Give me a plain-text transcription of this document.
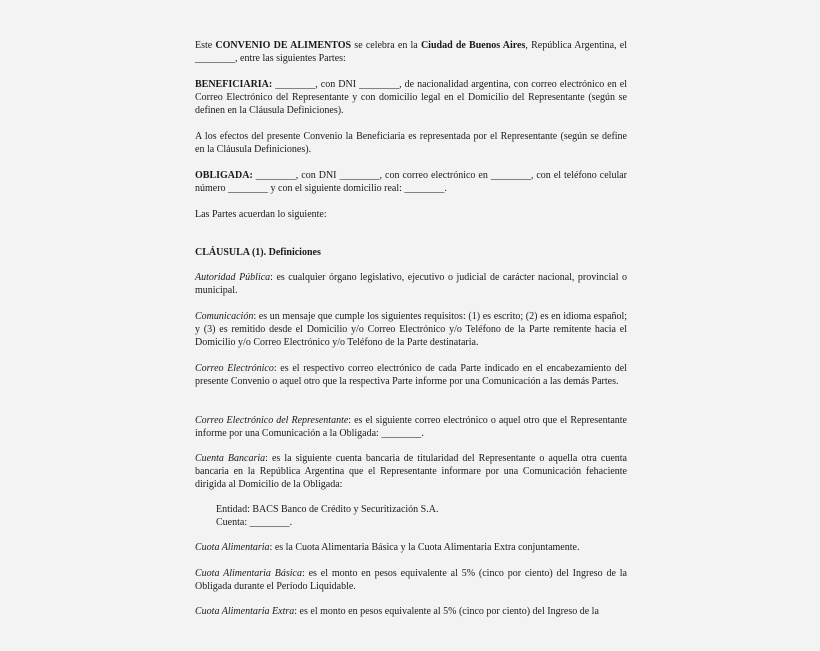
Este CONVENIO DE ALIMENTOS se celebra en la Ciudad de Buenos Aires, República Argentina, el ________, entre las siguientes Partes:

BENEFICIARIA: ________, con DNI ________, de nacionalidad argentina, con correo electrónico en el Correo Electrónico del Representante y con domicilio legal en el Domicilio del Representante (según se definen en la Cláusula Definiciones).

A los efectos del presente Convenio la Beneficiaria es representada por el Representante (según se define en la Cláusula Definiciones).

OBLIGADA: ________, con DNI ________, con correo electrónico en ________, con el teléfono celular número ________ y con el siguiente domicilio real: ________.

Las Partes acuerdan lo siguiente:

CLÁUSULA (1). Definiciones

Autoridad Pública: es cualquier órgano legislativo, ejecutivo o judicial de carácter nacional, provincial o municipal.

Comunicación: es un mensaje que cumple los siguientes requisitos: (1) es escrito; (2) es en idioma español; y (3) es remitido desde el Domicilio y/o Correo Electrónico y/o Teléfono de la Parte remitente hacia el Domicilio y/o Correo Electrónico y/o Teléfono de la Parte destinataria.

Correo Electrónico: es el respectivo correo electrónico de cada Parte indicado en el encabezamiento del presente Convenio o aquel otro que la respectiva Parte informe por una Comunicación a las demás Partes.

Correo Electrónico del Representante: es el siguiente correo electrónico o aquel otro que el Representante informe por una Comunicación a la Obligada: ________.

Cuenta Bancaria: es la siguiente cuenta bancaria de titularidad del Representante o aquella otra cuenta bancaria en la República Argentina que el Representante informare por una Comunicación fehaciente dirigida al Domicilio de la Obligada:

Entidad: BACS Banco de Crédito y Securitización S.A.

Cuenta: ________.

Cuota Alimentaria: es la Cuota Alimentaria Básica y la Cuota Alimentaria Extra conjuntamente.

Cuota Alimentaria Básica: es el monto en pesos equivalente al 5% (cinco por ciento) del Ingreso de la Obligada durante el Período Liquidable.

Cuota Alimentaria Extra: es el monto en pesos equivalente al 5% (cinco por ciento) del Ingreso de la
